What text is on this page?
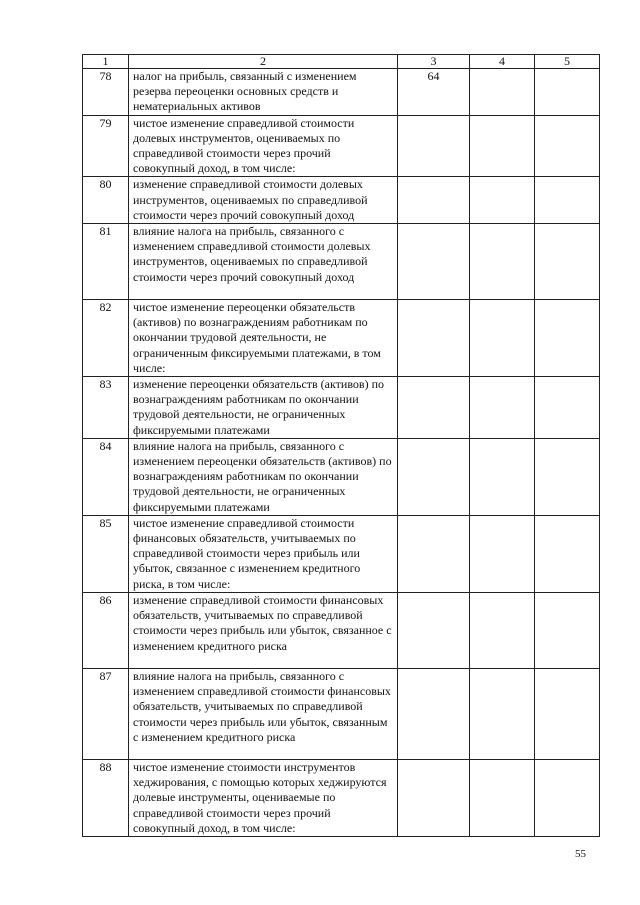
1	2	3	4	5
78	налог на прибыль, связанный с изменением резерва переоценки основных средств и нематериальных активов	64		
79	чистое изменение справедливой стоимости долевых инструментов, оцениваемых по справедливой стоимости через прочий совокупный доход, в том числе:			
80	изменение справедливой стоимости долевых инструментов, оцениваемых по справедливой стоимости через прочий совокупный доход			
81	влияние налога на прибыль, связанного с изменением справедливой стоимости долевых инструментов, оцениваемых по справедливой стоимости через прочий совокупный доход			
82	чистое изменение переоценки обязательств (активов) по вознаграждениям работникам по окончании трудовой деятельности, не ограниченным фиксируемыми платежами, в том числе:			
83	изменение переоценки обязательств (активов) по вознаграждениям работникам по окончании трудовой деятельности, не ограниченных фиксируемыми платежами			
84	влияние налога на прибыль, связанного с изменением переоценки обязательств (активов) по вознаграждениям работникам по окончании трудовой деятельности, не ограниченных фиксируемыми платежами			
85	чистое изменение справедливой стоимости финансовых обязательств, учитываемых по справедливой стоимости через прибыль или убыток, связанное с изменением кредитного риска, в том числе:			
86	изменение справедливой стоимости финансовых обязательств, учитываемых по справедливой стоимости через прибыль или убыток, связанное с изменением кредитного риска			
87	влияние налога на прибыль, связанного с изменением справедливой стоимости финансовых обязательств, учитываемых по справедливой стоимости через прибыль или убыток, связанным с изменением кредитного риска			
88	чистое изменение стоимости инструментов хеджирования, с помощью которых хеджируются долевые инструменты, оцениваемые по справедливой стоимости через прочий совокупный доход, в том числе:			
55
